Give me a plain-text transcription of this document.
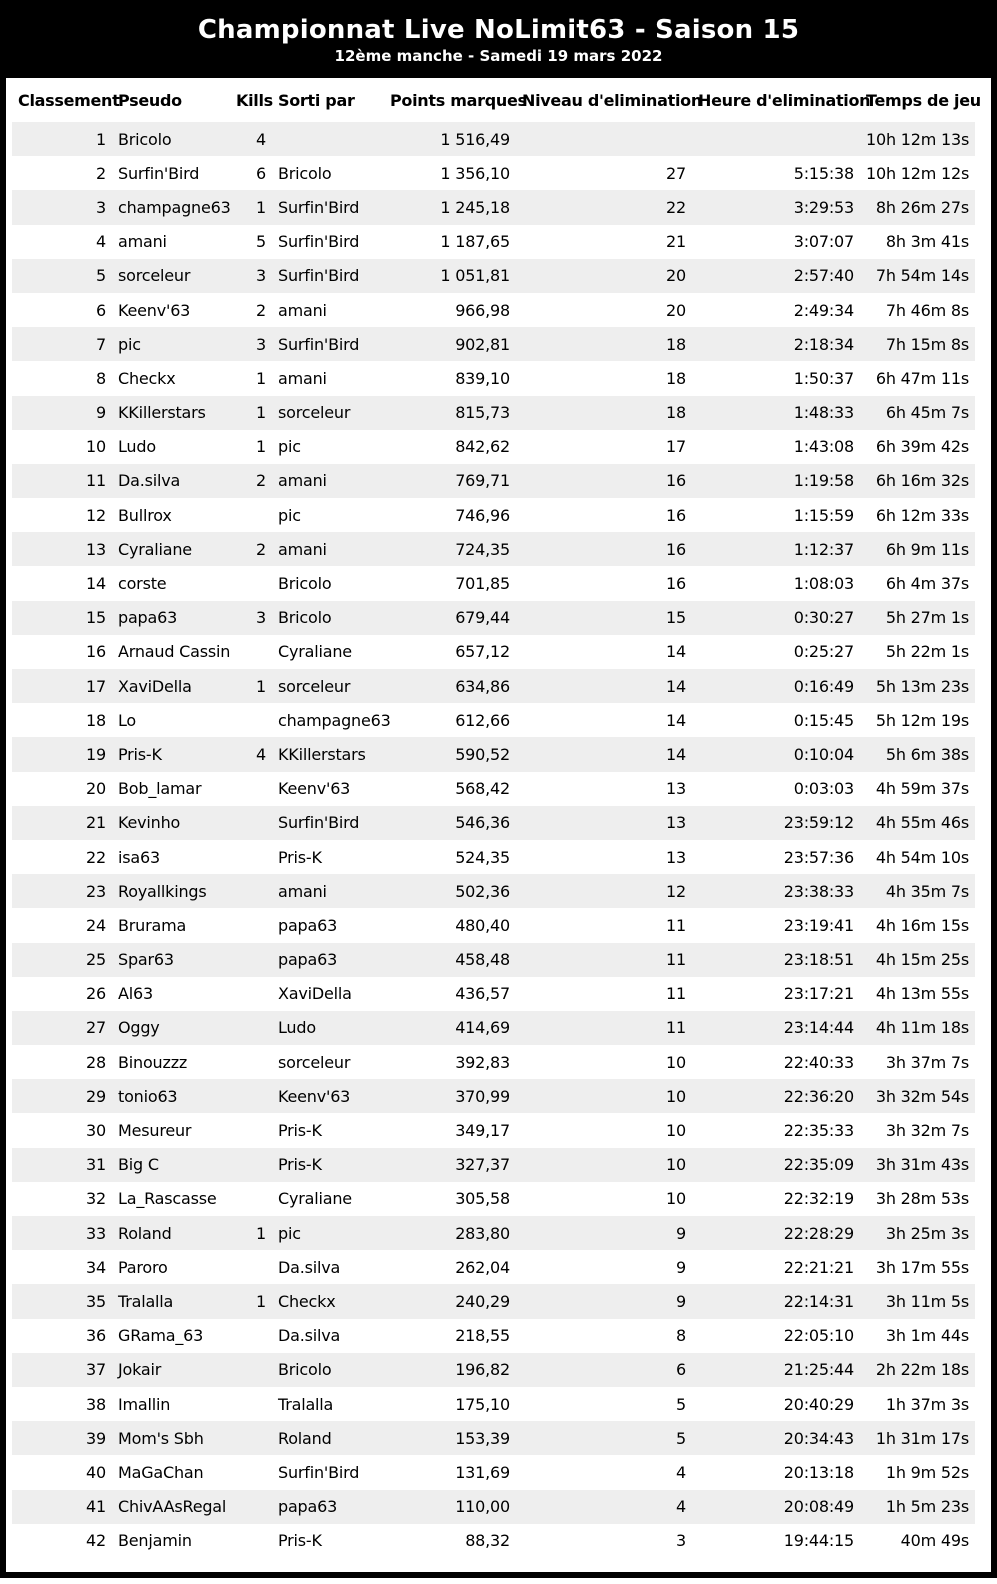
Championnat Live NoLimit63 - Saison 15
12ème manche - Samedi 19 mars 2022
Classement	Pseudo	Kills	Sorti par	Points marques	Niveau d'elimination	Heure d'elimination	Temps de jeu
1	Bricolo	4		1 516,49			10h 12m 13s
2	Surfin'Bird	6	Bricolo	1 356,10	27	5:15:38	10h 12m 12s
3	champagne63	1	Surfin'Bird	1 245,18	22	3:29:53	8h 26m 27s
4	amani	5	Surfin'Bird	1 187,65	21	3:07:07	8h 3m 41s
5	sorceleur	3	Surfin'Bird	1 051,81	20	2:57:40	7h 54m 14s
6	Keenv'63	2	amani	966,98	20	2:49:34	7h 46m 8s
7	pic	3	Surfin'Bird	902,81	18	2:18:34	7h 15m 8s
8	Checkx	1	amani	839,10	18	1:50:37	6h 47m 11s
9	KKillerstars	1	sorceleur	815,73	18	1:48:33	6h 45m 7s
10	Ludo	1	pic	842,62	17	1:43:08	6h 39m 42s
11	Da.silva	2	amani	769,71	16	1:19:58	6h 16m 32s
12	Bullrox		pic	746,96	16	1:15:59	6h 12m 33s
13	Cyraliane	2	amani	724,35	16	1:12:37	6h 9m 11s
14	corste		Bricolo	701,85	16	1:08:03	6h 4m 37s
15	papa63	3	Bricolo	679,44	15	0:30:27	5h 27m 1s
16	Arnaud Cassin		Cyraliane	657,12	14	0:25:27	5h 22m 1s
17	XaviDella	1	sorceleur	634,86	14	0:16:49	5h 13m 23s
18	Lo		champagne63	612,66	14	0:15:45	5h 12m 19s
19	Pris-K	4	KKillerstars	590,52	14	0:10:04	5h 6m 38s
20	Bob_lamar		Keenv'63	568,42	13	0:03:03	4h 59m 37s
21	Kevinho		Surfin'Bird	546,36	13	23:59:12	4h 55m 46s
22	isa63		Pris-K	524,35	13	23:57:36	4h 54m 10s
23	Royallkings		amani	502,36	12	23:38:33	4h 35m 7s
24	Brurama		papa63	480,40	11	23:19:41	4h 16m 15s
25	Spar63		papa63	458,48	11	23:18:51	4h 15m 25s
26	Al63		XaviDella	436,57	11	23:17:21	4h 13m 55s
27	Oggy		Ludo	414,69	11	23:14:44	4h 11m 18s
28	Binouzzz		sorceleur	392,83	10	22:40:33	3h 37m 7s
29	tonio63		Keenv'63	370,99	10	22:36:20	3h 32m 54s
30	Mesureur		Pris-K	349,17	10	22:35:33	3h 32m 7s
31	Big C		Pris-K	327,37	10	22:35:09	3h 31m 43s
32	La_Rascasse		Cyraliane	305,58	10	22:32:19	3h 28m 53s
33	Roland	1	pic	283,80	9	22:28:29	3h 25m 3s
34	Paroro		Da.silva	262,04	9	22:21:21	3h 17m 55s
35	Tralalla	1	Checkx	240,29	9	22:14:31	3h 11m 5s
36	GRama_63		Da.silva	218,55	8	22:05:10	3h 1m 44s
37	Jokair		Bricolo	196,82	6	21:25:44	2h 22m 18s
38	Imallin		Tralalla	175,10	5	20:40:29	1h 37m 3s
39	Mom's Sbh		Roland	153,39	5	20:34:43	1h 31m 17s
40	MaGaChan		Surfin'Bird	131,69	4	20:13:18	1h 9m 52s
41	ChivAAsRegal		papa63	110,00	4	20:08:49	1h 5m 23s
42	Benjamin		Pris-K	88,32	3	19:44:15	40m 49s
